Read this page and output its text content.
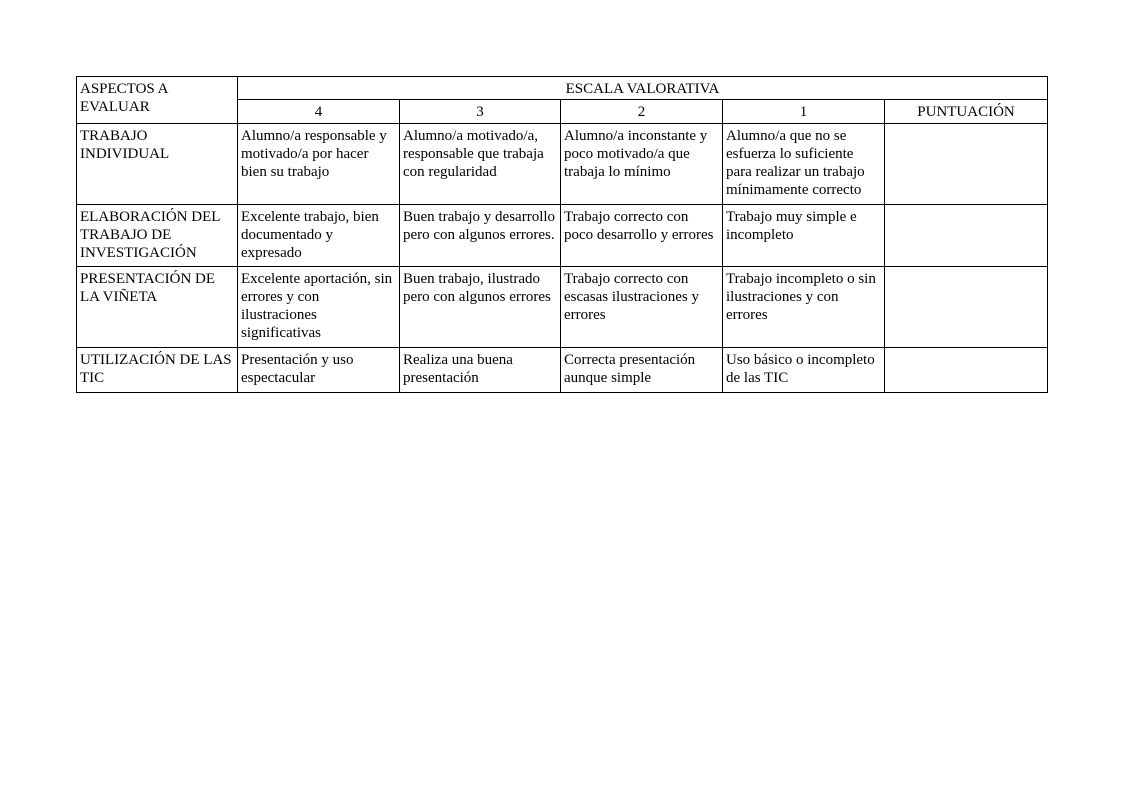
ASPECTOS A EVALUAR	ESCALA VALORATIVA				
	4	3	2	1	PUNTUACIÓN
TRABAJO INDIVIDUAL	Alumno/a responsable y motivado/a por hacer bien su trabajo	Alumno/a motivado/a, responsable que trabaja con regularidad	Alumno/a inconstante y poco motivado/a que trabaja lo mínimo	Alumno/a que no se esfuerza lo suficiente para realizar un trabajo mínimamente correcto	
ELABORACIÓN DEL TRABAJO DE INVESTIGACIÓN	Excelente trabajo, bien documentado y expresado	Buen trabajo y desarrollo pero con algunos errores.	Trabajo correcto con poco desarrollo y errores	Trabajo muy simple e incompleto	
PRESENTACIÓN DE LA VIÑETA	Excelente aportación, sin errores y con ilustraciones significativas	Buen trabajo, ilustrado pero con algunos errores	Trabajo correcto con escasas ilustraciones y errores	Trabajo incompleto o sin ilustraciones y con errores	
UTILIZACIÓN DE LAS TIC	Presentación y uso espectacular	Realiza una buena presentación	Correcta presentación aunque simple	Uso básico o incompleto de las TIC	
